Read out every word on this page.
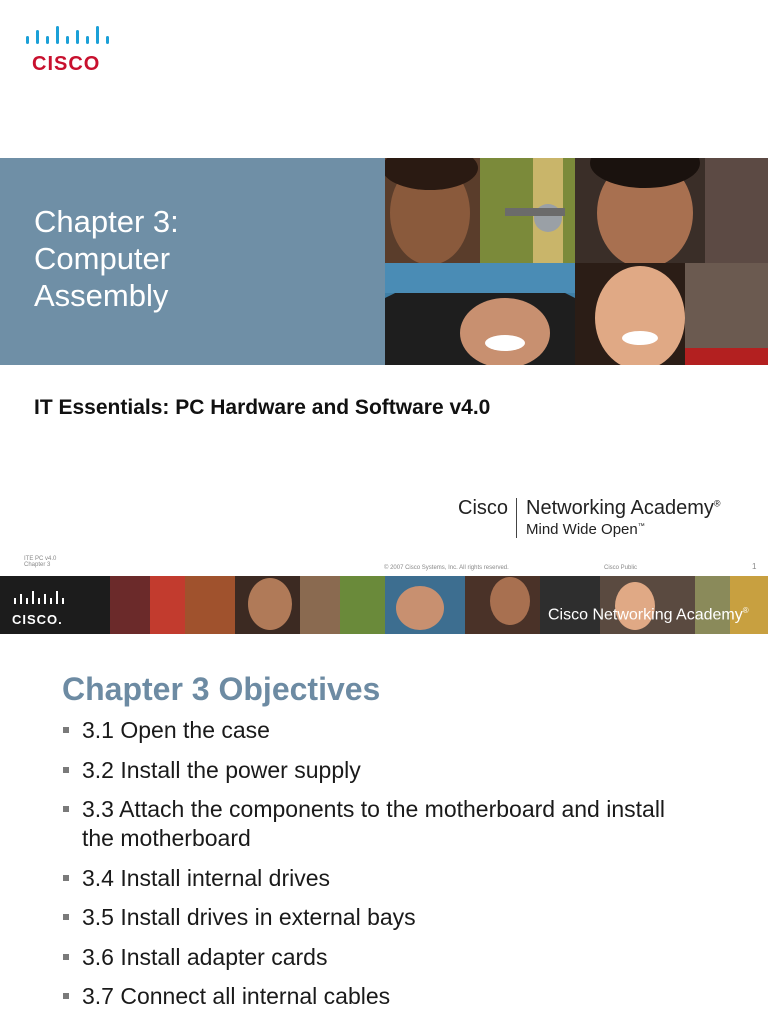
CISCO
Chapter 3:
Computer
Assembly
IT Essentials: PC Hardware and Software v4.0
Cisco Networking Academy®
Mind Wide Open™
ITE PC v4.0
Chapter 3	© 2007 Cisco Systems, Inc. All rights reserved.	Cisco Public	1
CISCO.	Cisco Networking Academy®
Chapter 3 Objectives
3.1 Open the case
3.2 Install the power supply
3.3 Attach the components to the motherboard and install the motherboard
3.4 Install internal drives
3.5 Install drives in external bays
3.6 Install adapter cards
3.7 Connect all internal cables
